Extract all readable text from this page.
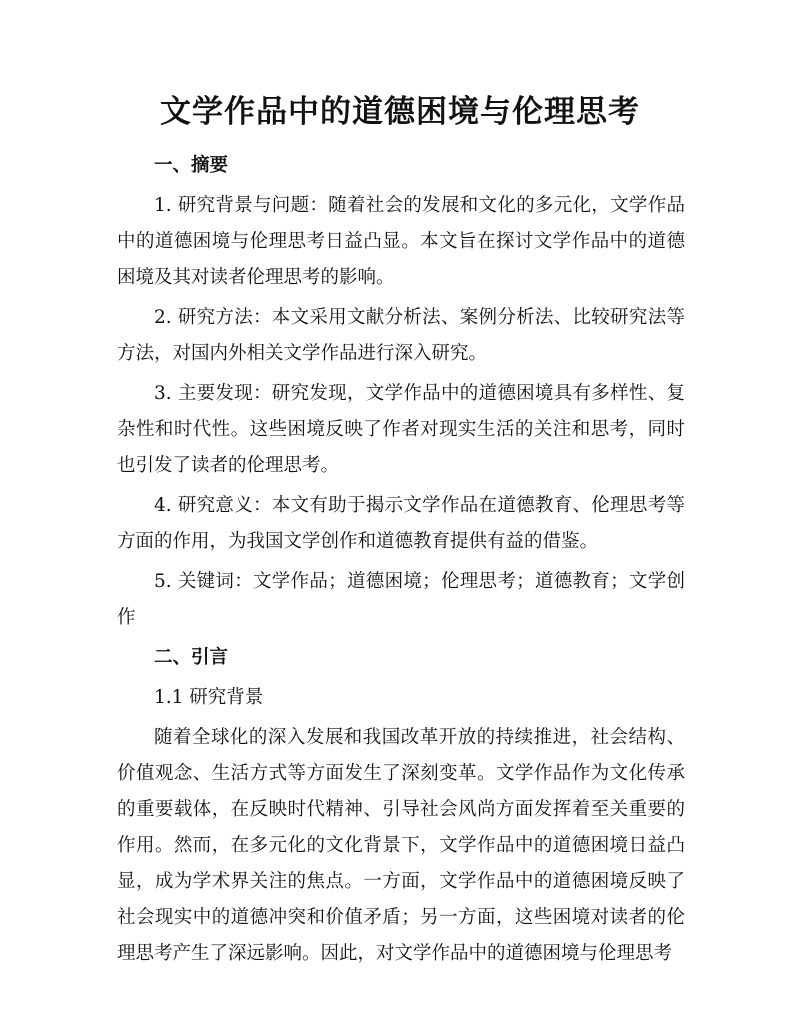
文学作品中的道德困境与伦理思考
一、摘要
1. 研究背景与问题：随着社会的发展和文化的多元化，文学作品中的道德困境与伦理思考日益凸显。本文旨在探讨文学作品中的道德困境及其对读者伦理思考的影响。
2. 研究方法：本文采用文献分析法、案例分析法、比较研究法等方法，对国内外相关文学作品进行深入研究。
3. 主要发现：研究发现，文学作品中的道德困境具有多样性、复杂性和时代性。这些困境反映了作者对现实生活的关注和思考，同时也引发了读者的伦理思考。
4. 研究意义：本文有助于揭示文学作品在道德教育、伦理思考等方面的作用，为我国文学创作和道德教育提供有益的借鉴。
5. 关键词：文学作品；道德困境；伦理思考；道德教育；文学创作
二、引言
1.1 研究背景
随着全球化的深入发展和我国改革开放的持续推进，社会结构、价值观念、生活方式等方面发生了深刻变革。文学作品作为文化传承的重要载体，在反映时代精神、引导社会风尚方面发挥着至关重要的作用。然而，在多元化的文化背景下，文学作品中的道德困境日益凸显，成为学术界关注的焦点。一方面，文学作品中的道德困境反映了社会现实中的道德冲突和价值矛盾；另一方面，这些困境对读者的伦理思考产生了深远影响。因此，对文学作品中的道德困境与伦理思考
